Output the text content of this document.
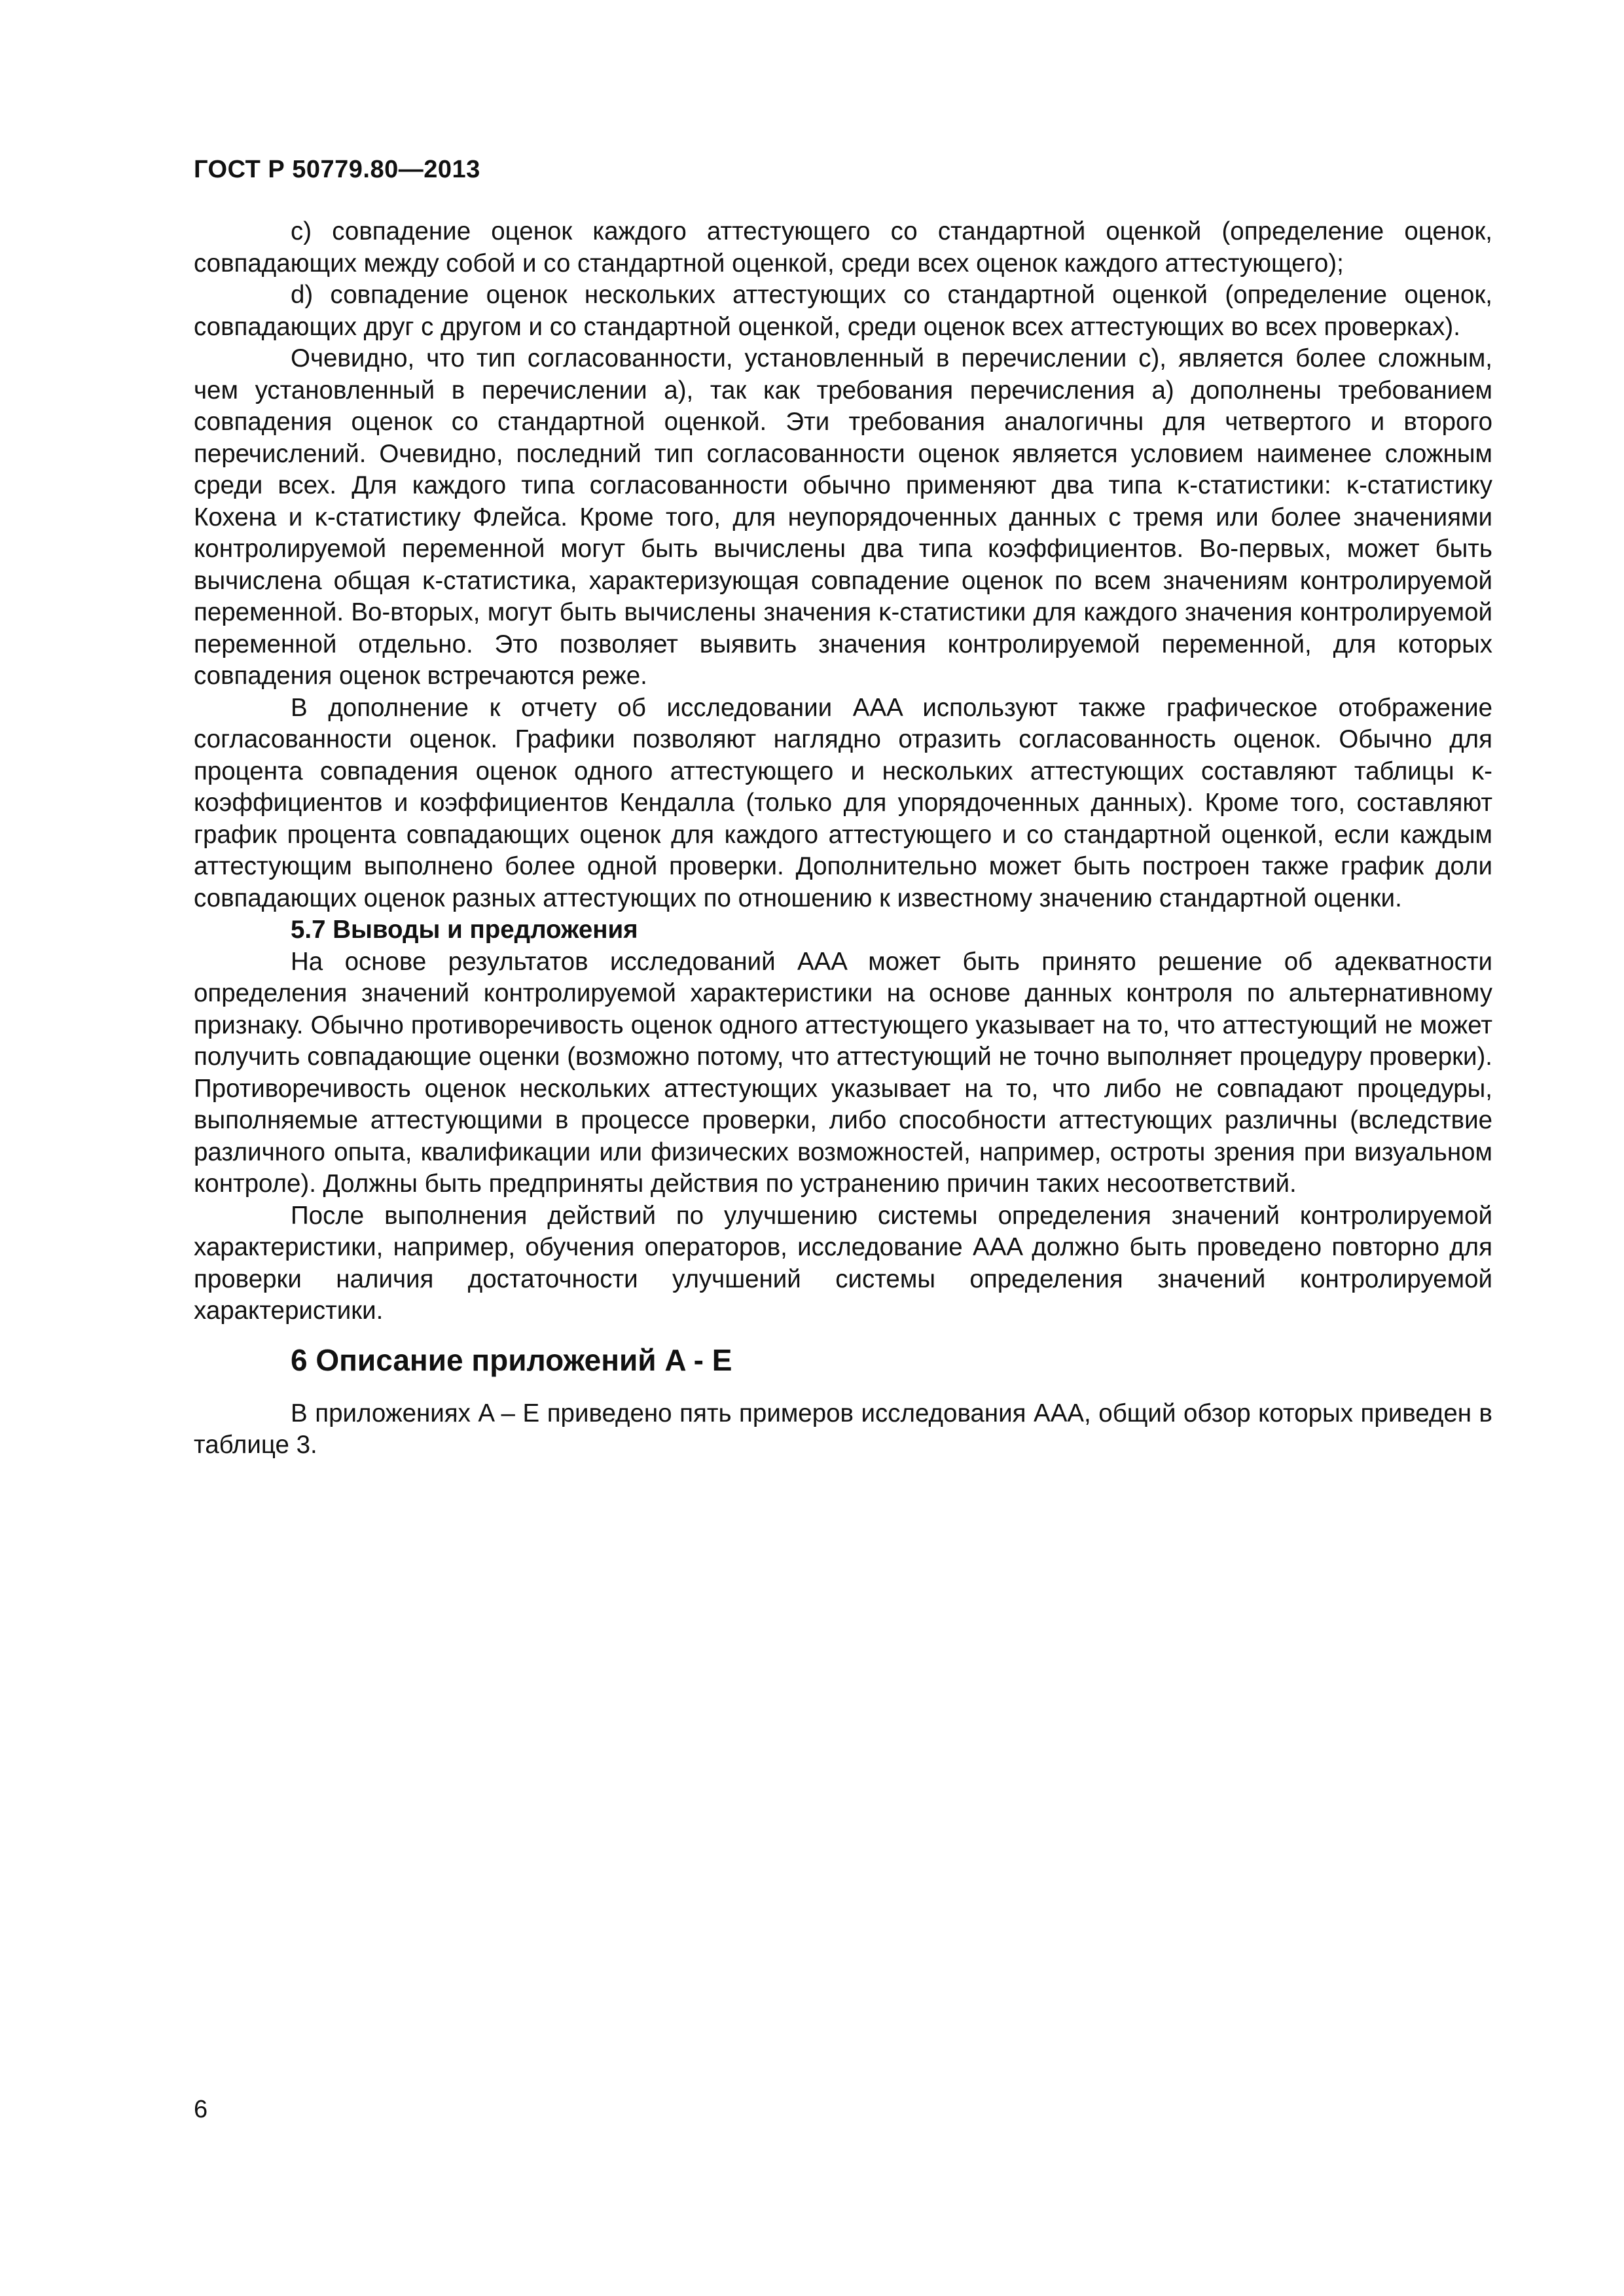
ГОСТ Р 50779.80—2013

c) совпадение оценок каждого аттестующего со стандартной оценкой (определение оценок, совпадающих между собой и со стандартной оценкой, среди всех оценок каждого аттестующего);

d) совпадение оценок нескольких аттестующих со стандартной оценкой (определение оценок, совпадающих друг с другом и со стандартной оценкой, среди оценок всех аттестующих во всех проверках).

Очевидно, что тип согласованности, установленный в перечислении c), является более сложным, чем установленный в перечислении a), так как требования перечисления a) дополнены требованием совпадения оценок со стандартной оценкой. Эти требования аналогичны для четвертого и второго перечислений. Очевидно, последний тип согласованности оценок является условием наименее сложным среди всех. Для каждого типа согласованности обычно применяют два типа κ-статистики: κ-статистику Кохена и κ-статистику Флейса. Кроме того, для неупорядоченных данных с тремя или более значениями контролируемой переменной могут быть вычислены два типа коэффициентов. Во-первых, может быть вычислена общая κ-статистика, характеризующая совпадение оценок по всем значениям контролируемой переменной. Во-вторых, могут быть вычислены значения κ-статистики для каждого значения контролируемой переменной отдельно. Это позволяет выявить значения контролируемой переменной, для которых совпадения оценок встречаются реже.

В дополнение к отчету об исследовании AAA используют также графическое отображение согласованности оценок. Графики позволяют наглядно отразить согласованность оценок. Обычно для процента совпадения оценок одного аттестующего и нескольких аттестующих составляют таблицы κ-коэффициентов и коэффициентов Кендалла (только для упорядоченных данных). Кроме того, составляют график процента совпадающих оценок для каждого аттестующего и со стандартной оценкой, если каждым аттестующим выполнено более одной проверки. Дополнительно может быть построен также график доли совпадающих оценок разных аттестующих по отношению к известному значению стандартной оценки.

5.7 Выводы и предложения

На основе результатов исследований AAA может быть принято решение об адекватности определения значений контролируемой характеристики на основе данных контроля по альтернативному признаку. Обычно противоречивость оценок одного аттестующего указывает на то, что аттестующий не может получить совпадающие оценки (возможно потому, что аттестующий не точно выполняет процедуру проверки). Противоречивость оценок нескольких аттестующих указывает на то, что либо не совпадают процедуры, выполняемые аттестующими в процессе проверки, либо способности аттестующих различны (вследствие различного опыта, квалификации или физических возможностей, например, остроты зрения при визуальном контроле). Должны быть предприняты действия по устранению причин таких несоответствий.

После выполнения действий по улучшению системы определения значений контролируемой характеристики, например, обучения операторов, исследование AAA должно быть проведено повторно для проверки наличия достаточности улучшений системы определения значений контролируемой характеристики.

6 Описание приложений A - E

В приложениях A – E приведено пять примеров исследования AAA, общий обзор которых приведен в таблице 3.

6
